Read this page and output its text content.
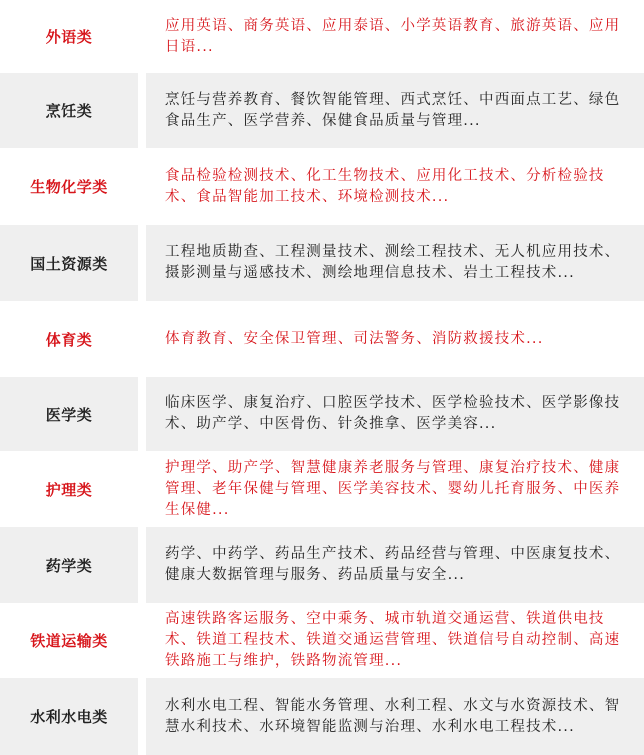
外语类
应用英语、商务英语、应用泰语、小学英语教育、旅游英语、应用日语...
烹饪类
烹饪与营养教育、餐饮智能管理、西式烹饪、中西面点工艺、绿色食品生产、医学营养、保健食品质量与管理...
生物化学类
食品检验检测技术、化工生物技术、应用化工技术、分析检验技术、食品智能加工技术、环境检测技术...
国土资源类
工程地质勘查、工程测量技术、测绘工程技术、无人机应用技术、摄影测量与遥感技术、测绘地理信息技术、岩土工程技术...
体育类	体育教育、安全保卫管理、司法警务、消防救援技术...
医学类
临床医学、康复治疗、口腔医学技术、医学检验技术、医学影像技术、助产学、中医骨伤、针灸推拿、医学美容...
护理类
护理学、助产学、智慧健康养老服务与管理、康复治疗技术、健康管理、老年保健与管理、医学美容技术、婴幼儿托育服务、中医养生保健...
药学类
药学、中药学、药品生产技术、药品经营与管理、中医康复技术、健康大数据管理与服务、药品质量与安全...
铁道运输类
高速铁路客运服务、空中乘务、城市轨道交通运营、铁道供电技术、铁道工程技术、铁道交通运营管理、铁道信号自动控制、高速铁路施工与维护，铁路物流管理...
水利水电类
水利水电工程、智能水务管理、水利工程、水文与水资源技术、智慧水利技术、水环境智能监测与治理、水利水电工程技术...
